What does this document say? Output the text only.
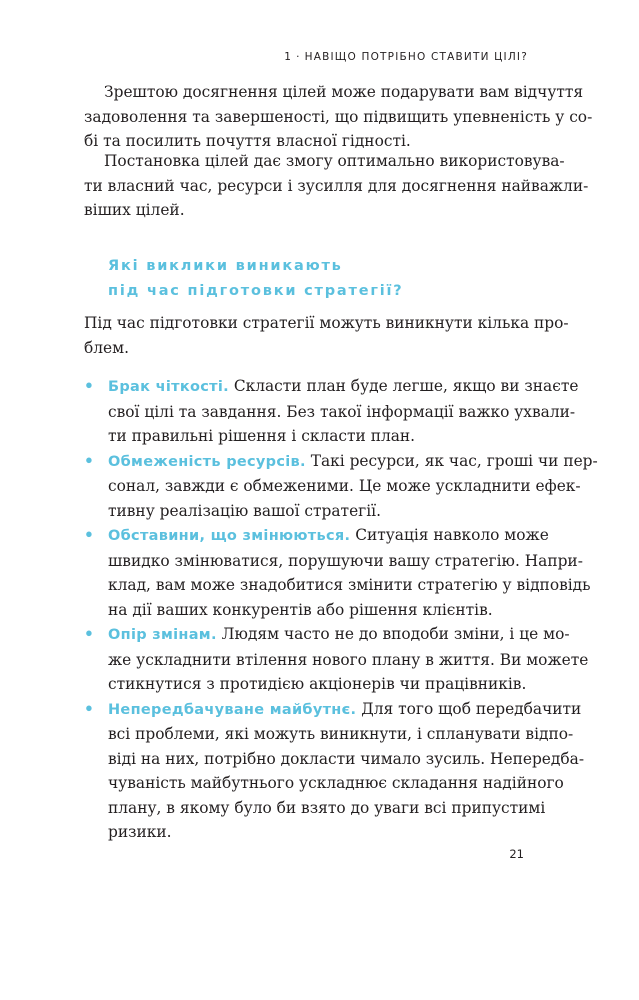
1 · НАВІЩО ПОТРІБНО СТАВИТИ ЦІЛІ?
Зрештою досягнення цілей може подарувати вам відчуття
задоволення та завершеності, що підвищить упевненість у со-
бі та посилить почуття власної гідності.
Постановка цілей дає змогу оптимально використовува-
ти власний час, ресурси і зусилля для досягнення найважли-
віших цілей.
Які виклики виникають
під час підготовки стратегії?
Під час підготовки стратегії можуть виникнути кілька про-
блем.
• Брак чіткості. Скласти план буде легше, якщо ви знаєте
свої цілі та завдання. Без такої інформації важко ухвали-
ти правильні рішення і скласти план.
• Обмеженість ресурсів. Такі ресурси, як час, гроші чи пер-
сонал, завжди є обмеженими. Це може ускладнити ефек-
тивну реалізацію вашої стратегії.
• Обставини, що змінюються. Ситуація навколо може
швидко змінюватися, порушуючи вашу стратегію. Напри-
клад, вам може знадобитися змінити стратегію у відповідь
на дії ваших конкурентів або рішення клієнтів.
• Опір змінам. Людям часто не до вподоби зміни, і це мо-
же ускладнити втілення нового плану в життя. Ви можете
стикнутися з протидією акціонерів чи працівників.
• Непередбачуване майбутнє. Для того щоб передбачити
всі проблеми, які можуть виникнути, і спланувати відпо-
віді на них, потрібно докласти чимало зусиль. Непередба-
чуваність майбутнього ускладнює складання надійного
плану, в якому було би взято до уваги всі припустимі
ризики.
21
